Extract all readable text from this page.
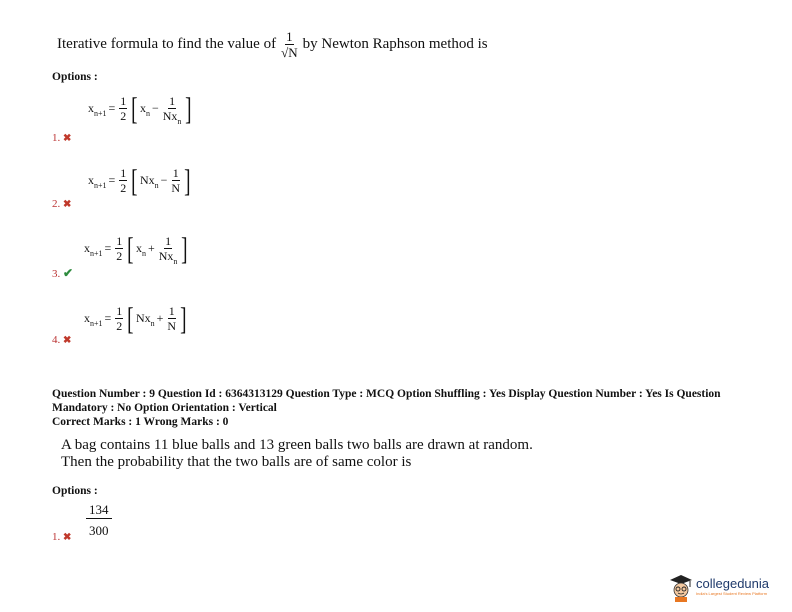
Iterative formula to find the value of $\frac{1}{√N}$ by Newton Raphson method is
Options :
$x_{n+1} = \frac{1}{2}$ [ $x_n - \frac{1}{Nx_n}$ ]
1. ✖
$x_{n+1} = \frac{1}{2}$ [ $Nx_n - \frac{1}{N}$ ]
2. ✖
$x_{n+1} = \frac{1}{2}$ [ $x_n + \frac{1}{Nx_n}$ ]
3. ✔
$x_{n+1} = \frac{1}{2}$ [ $Nx_n + \frac{1}{N}$ ]
4. ✖
Question Number : 9 Question Id : 6364313129 Question Type : MCQ Option Shuffling : Yes Display Question Number : Yes Is Question
Mandatory : No Option Orientation : Vertical
Correct Marks : 1 Wrong Marks : 0
A bag contains 11 blue balls and 13 green balls two balls are drawn at random.
Then the probability that the two balls are of same color is
Options :
$\frac{134}{300}$
1. ✖
collegedunia
India's Largest Student Review Platform
